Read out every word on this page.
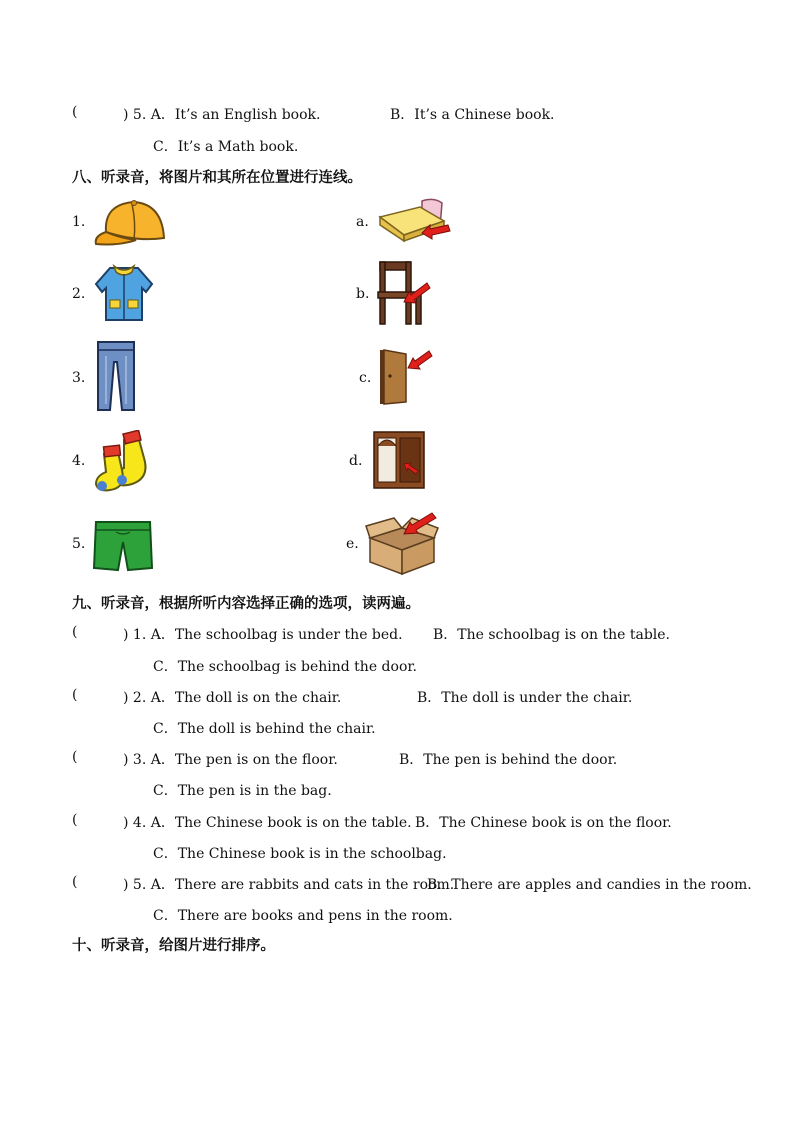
(	) 5. A．It’s an English book.	B．It’s a Chinese book.
C．It’s a Math book.
八、听录音，将图片和其所在位置进行连线。
1.
2.
3.
4.
5.
a.
b.
c.
d.
e.
九、听录音，根据所听内容选择正确的选项，读两遍。
(	) 1. A．The schoolbag is under the bed. B．The schoolbag is on the table.
C．The schoolbag is behind the door.
(	) 2. A．The doll is on the chair.	B．The doll is under the chair.
C．The doll is behind the chair.
(	) 3. A．The pen is on the floor.	B．The pen is behind the door.
C．The pen is in the bag.
(	) 4. A．The Chinese book is on the table. B．The Chinese book is on the floor.
C．The Chinese book is in the schoolbag.
(	) 5. A．There are rabbits and cats in the room.
B．There are apples and candies in the room.
C．There are books and pens in the room.
十、听录音，给图片进行排序。
